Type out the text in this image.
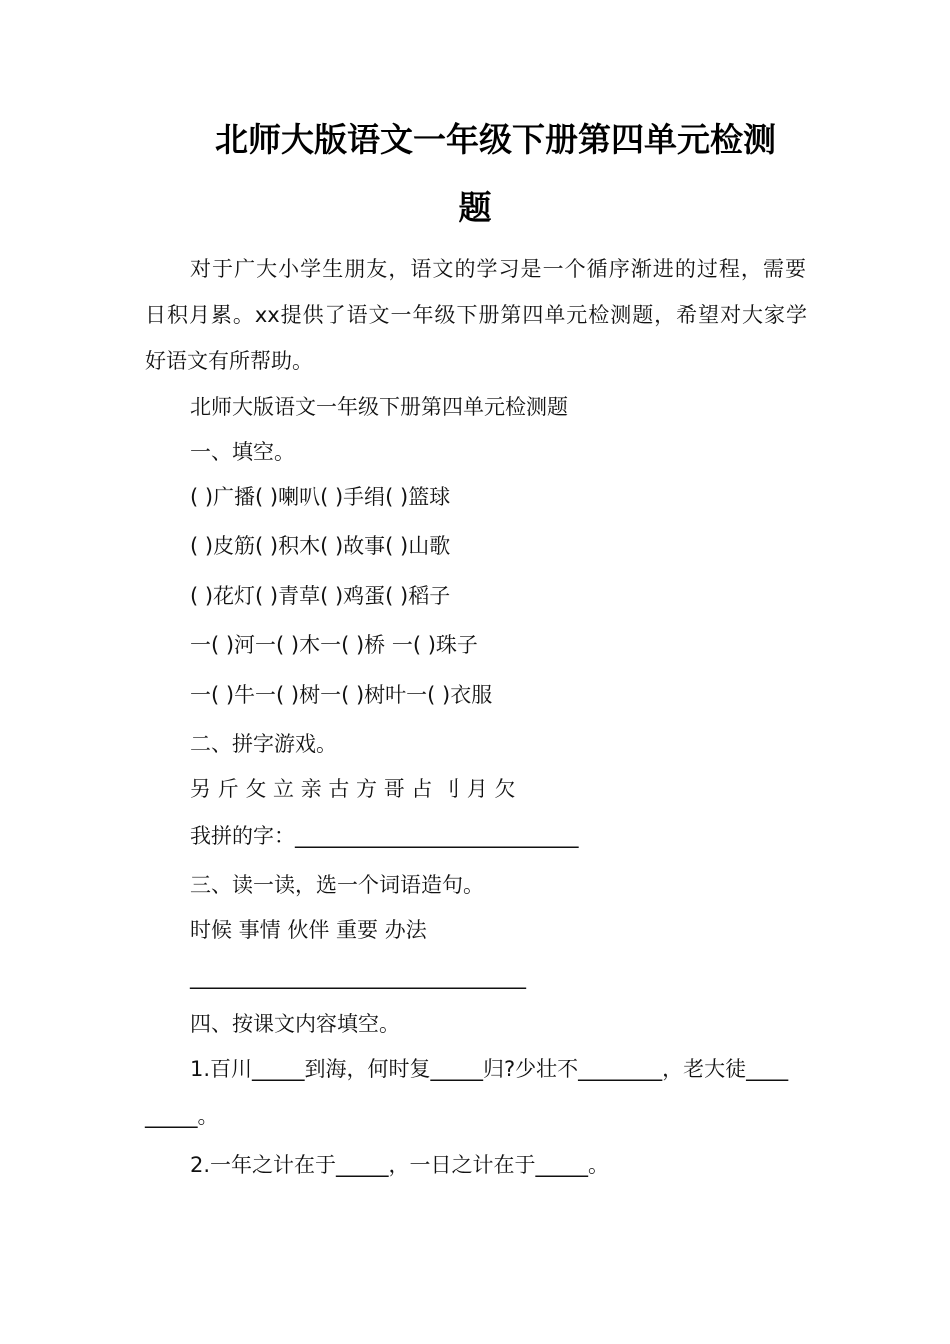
北师大版语文一年级下册第四单元检测
题
对于广大小学生朋友，语文的学习是一个循序渐进的过程，需要
日积月累。xx提供了语文一年级下册第四单元检测题，希望对大家学
好语文有所帮助。
北师大版语文一年级下册第四单元检测题
一、填空。
( )广播( )喇叭( )手绢( )篮球
( )皮筋( )积木( )故事( )山歌
( )花灯( )青草( )鸡蛋( )稻子
一( )河一( )木一( )桥 一( )珠子
一( )牛一( )树一( )树叶一( )衣服
二、拼字游戏。
另 斤 攵 立 亲 古 方 哥 占 刂 月 欠
我拼的字：___________________________
三、读一读，选一个词语造句。
时候 事情 伙伴 重要 办法
________________________________
四、按课文内容填空。
1.百川_____到海，何时复_____归?少壮不________，老大徒____
_____。
2.一年之计在于_____，一日之计在于_____。
